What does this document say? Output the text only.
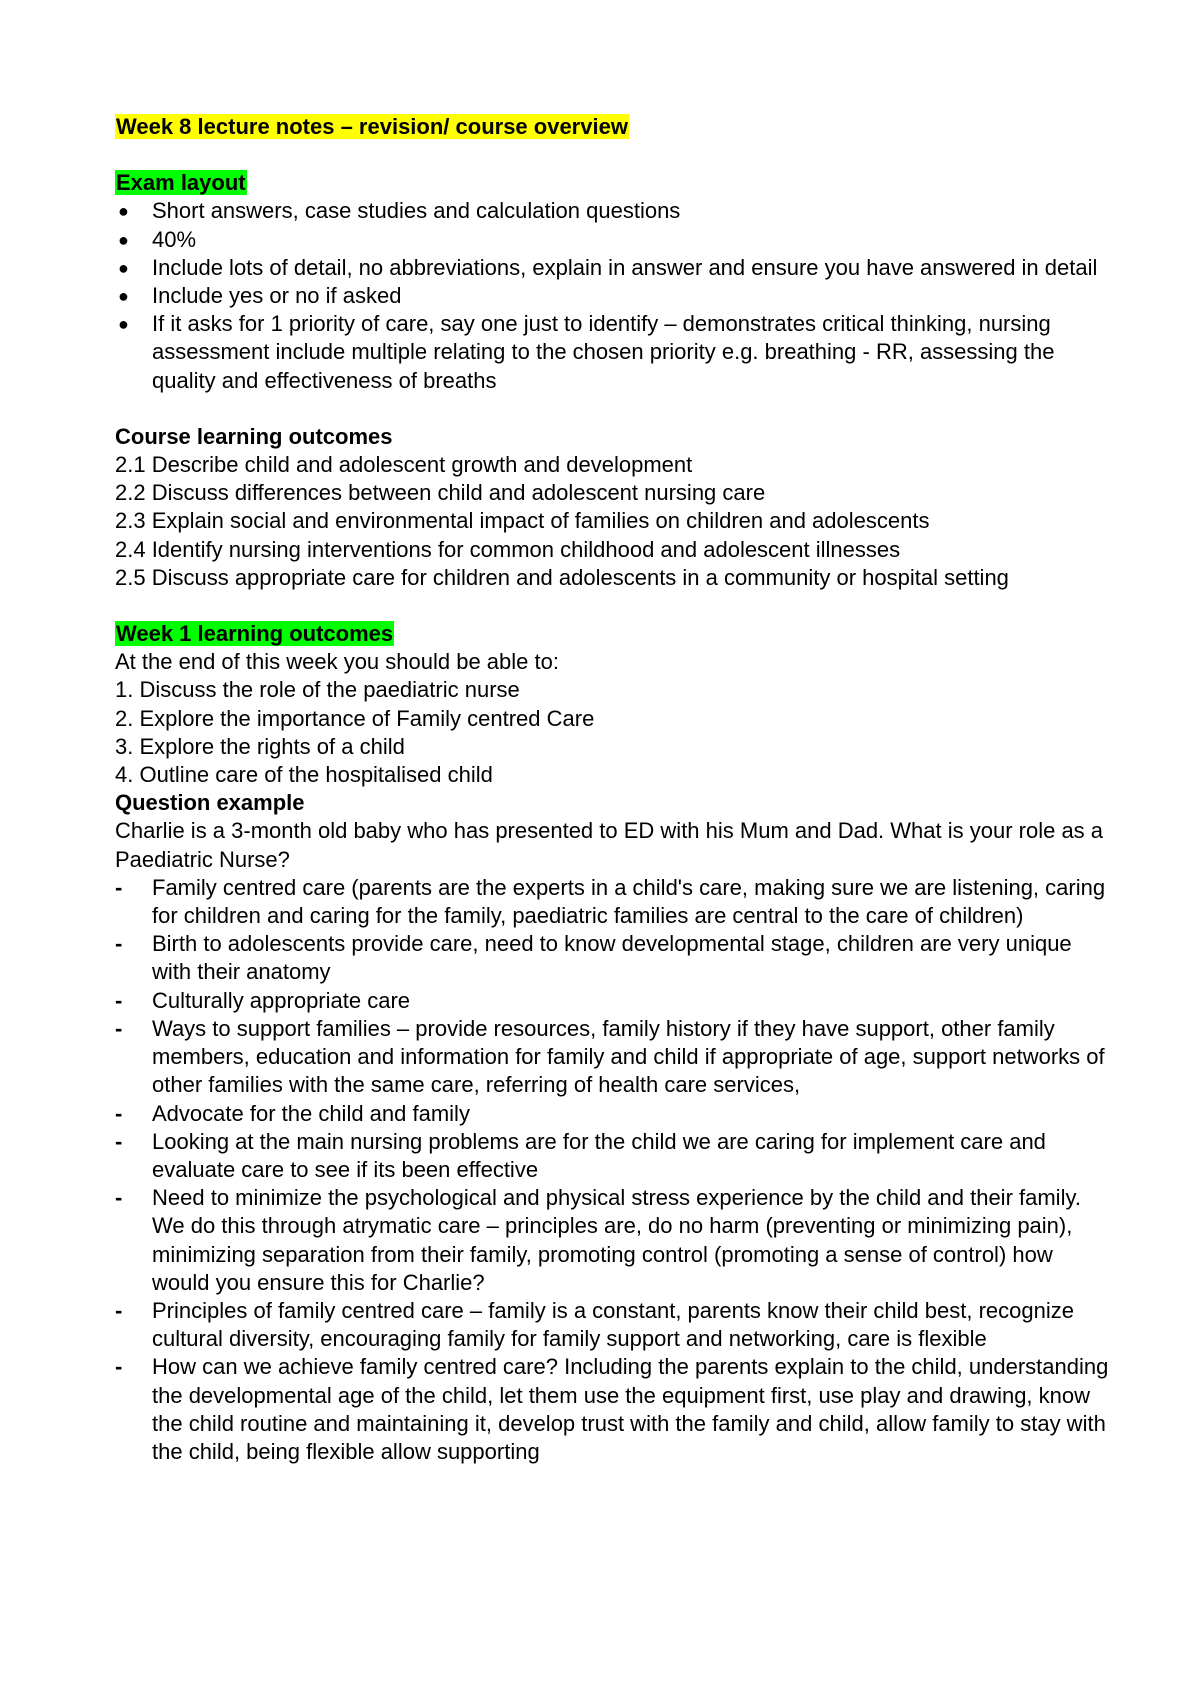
Week 8 lecture notes – revision/ course overview

Exam layout

● Short answers, case studies and calculation questions
● 40%
● Include lots of detail, no abbreviations, explain in answer and ensure you have answered in detail
● Include yes or no if asked
● If it asks for 1 priority of care, say one just to identify – demonstrates critical thinking, nursing assessment include multiple relating to the chosen priority e.g. breathing - RR, assessing the quality and effectiveness of breaths

Course learning outcomes

2.1 Describe child and adolescent growth and development

2.2 Discuss differences between child and adolescent nursing care

2.3 Explain social and environmental impact of families on children and adolescents

2.4 Identify nursing interventions for common childhood and adolescent illnesses

2.5 Discuss appropriate care for children and adolescents in a community or hospital setting

Week 1 learning outcomes

At the end of this week you should be able to:

1. Discuss the role of the paediatric nurse

2. Explore the importance of Family centred Care

3. Explore the rights of a child

4. Outline care of the hospitalised child

Question example

Charlie is a 3-month old baby who has presented to ED with his Mum and Dad. What is your role as a Paediatric Nurse?

- Family centred care (parents are the experts in a child's care, making sure we are listening, caring for children and caring for the family, paediatric families are central to the care of children)
- Birth to adolescents provide care, need to know developmental stage, children are very unique with their anatomy
- Culturally appropriate care
- Ways to support families – provide resources, family history if they have support, other family members, education and information for family and child if appropriate of age, support networks of other families with the same care, referring of health care services,
- Advocate for the child and family
- Looking at the main nursing problems are for the child we are caring for implement care and evaluate care to see if its been effective
- Need to minimize the psychological and physical stress experience by the child and their family. We do this through atrymatic care – principles are, do no harm (preventing or minimizing pain), minimizing separation from their family, promoting control (promoting a sense of control) how would you ensure this for Charlie?
- Principles of family centred care – family is a constant, parents know their child best, recognize cultural diversity, encouraging family for family support and networking, care is flexible
- How can we achieve family centred care? Including the parents explain to the child, understanding the developmental age of the child, let them use the equipment first, use play and drawing, know the child routine and maintaining it, develop trust with the family and child, allow family to stay with the child, being flexible allow supporting
